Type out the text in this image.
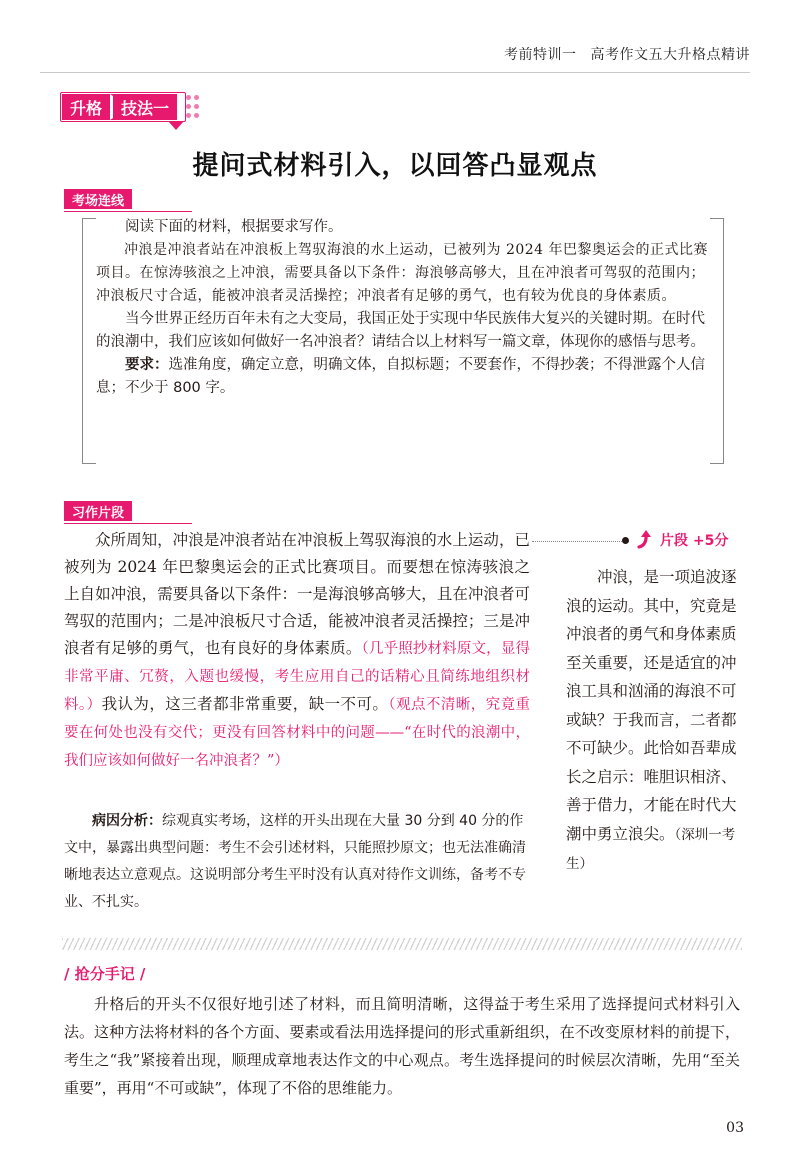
考前特训一 高考作文五大升格点精讲
升格	技法一
提问式材料引入，以回答凸显观点
考场连线

阅读下面的材料，根据要求写作。

冲浪是冲浪者站在冲浪板上驾驭海浪的水上运动，已被列为 2024 年巴黎奥运会的正式比赛项目。在惊涛骇浪之上冲浪，需要具备以下条件：海浪够高够大，且在冲浪者可驾驭的范围内；冲浪板尺寸合适，能被冲浪者灵活操控；冲浪者有足够的勇气，也有较为优良的身体素质。

当今世界正经历百年未有之大变局，我国正处于实现中华民族伟大复兴的关键时期。在时代的浪潮中，我们应该如何做好一名冲浪者？请结合以上材料写一篇文章，体现你的感悟与思考。

要求：选准角度，确定立意，明确文体，自拟标题；不要套作，不得抄袭；不得泄露个人信息；不少于 800 字。

习作片段

众所周知，冲浪是冲浪者站在冲浪板上驾驭海浪的水上运动，已被列为 2024 年巴黎奥运会的正式比赛项目。而要想在惊涛骇浪之上自如冲浪，需要具备以下条件：一是海浪够高够大，且在冲浪者可驾驭的范围内；二是冲浪板尺寸合适，能被冲浪者灵活操控；三是冲浪者有足够的勇气，也有良好的身体素质。（几乎照抄材料原文，显得非常平庸、冗赘，入题也缓慢，考生应用自己的话精心且简练地组织材料。）我认为，这三者都非常重要，缺一不可。（观点不清晰，究竟重要在何处也没有交代；更没有回答材料中的问题——“在时代的浪潮中，我们应该如何做好一名冲浪者？”）

病因分析：综观真实考场，这样的开头出现在大量 30 分到 40 分的作文中，暴露出典型问题：考生不会引述材料，只能照抄原文；也无法准确清晰地表达立意观点。这说明部分考生平时没有认真对待作文训练，备考不专业、不扎实。

片段 +5分

冲浪，是一项追波逐浪的运动。其中，究竟是冲浪者的勇气和身体素质至关重要，还是适宜的冲浪工具和汹涌的海浪不可或缺？于我而言，二者都不可缺少。此恰如吾辈成长之启示：唯胆识相济、善于借力，才能在时代大潮中勇立浪尖。（深圳一考生）

/ 抢分手记 /

升格后的开头不仅很好地引述了材料，而且简明清晰，这得益于考生采用了选择提问式材料引入法。这种方法将材料的各个方面、要素或看法用选择提问的形式重新组织，在不改变原材料的前提下，考生之“我”紧接着出现，顺理成章地表达作文的中心观点。考生选择提问的时候层次清晰，先用“至关重要”，再用“不可或缺”，体现了不俗的思维能力。

03
